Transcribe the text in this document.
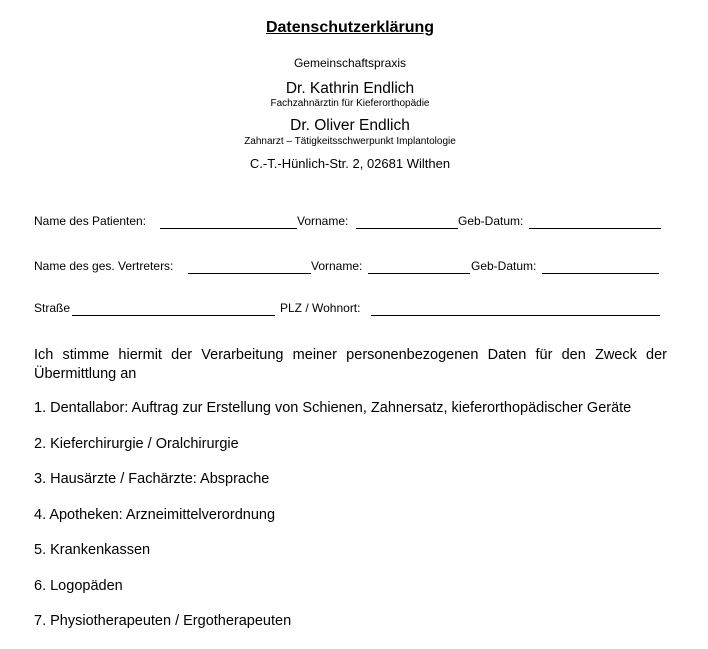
Datenschutzerklärung
Gemeinschaftspraxis
Dr. Kathrin Endlich
Fachzahnärztin für Kieferorthopädie
Dr. Oliver Endlich
Zahnarzt – Tätigkeitsschwerpunkt Implantologie
C.-T.-Hünlich-Str. 2, 02681 Wilthen
Name des Patienten:	Vorname:	Geb-Datum:
Name des ges. Vertreters:	Vorname:	Geb-Datum:
Straße	PLZ / Wohnort:
Ich stimme hiermit der Verarbeitung meiner personenbezogenen Daten für den Zweck der Übermittlung an
1. Dentallabor: Auftrag zur Erstellung von Schienen, Zahnersatz, kieferorthopädischer Geräte
2. Kieferchirurgie / Oralchirurgie
3. Hausärzte / Fachärzte: Absprache
4. Apotheken: Arzneimittelverordnung
5. Krankenkassen
6. Logopäden
7. Physiotherapeuten / Ergotherapeuten
